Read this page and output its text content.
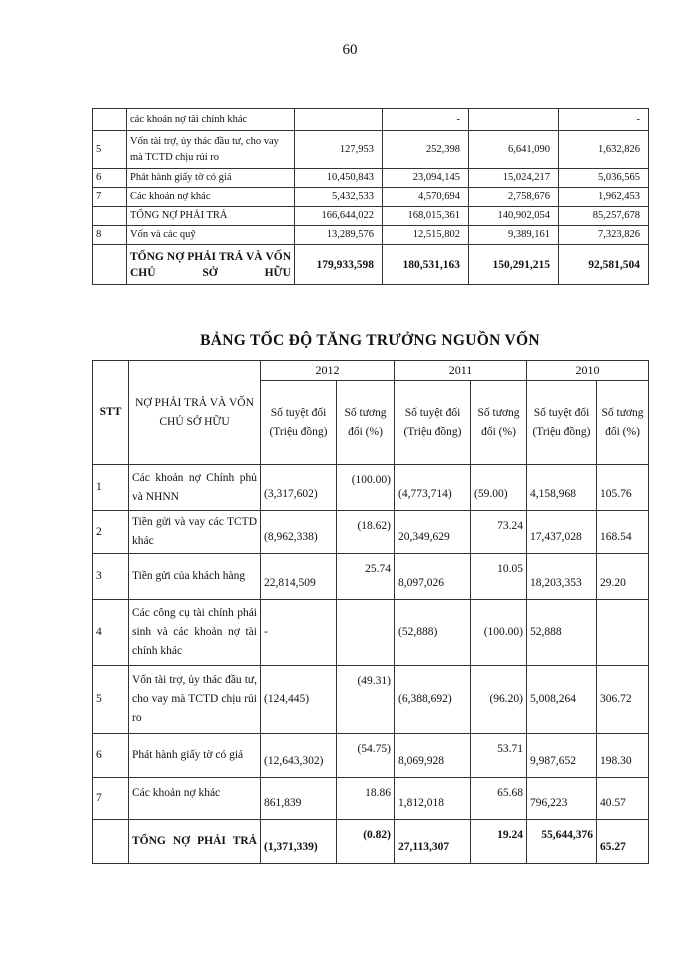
60
	các khoản nợ tài chính khác		-		-
5	Vốn tài trợ, ủy thác đầu tư, cho vay mà TCTD chịu rủi ro	127,953	252,398	6,641,090	1,632,826
6	Phát hành giấy tờ có giá	10,450,843	23,094,145	15,024,217	5,036,565
7	Các khoản nợ khác	5,432,533	4,570,694	2,758,676	1,962,453
	TỔNG NỢ PHẢI TRẢ	166,644,022	168,015,361	140,902,054	85,257,678
8	Vốn và các quỹ	13,289,576	12,515,802	9,389,161	7,323,826
	TỔNG NỢ PHẢI TRẢ VÀ VỐN CHỦ SỞ HỮU	179,933,598	180,531,163	150,291,215	92,581,504
BẢNG TỐC ĐỘ TĂNG TRƯỞNG NGUỒN VỐN
STT	NỢ PHẢI TRẢ VÀ VỐN CHỦ SỞ HỮU	2012		2011		2010	
		Số tuyệt đối (Triệu đồng)	Số tương đối (%)	Số tuyệt đối (Triệu đồng)	Số tương đối (%)	Số tuyệt đối (Triệu đồng)	Số tương đối (%)
1	Các khoản nợ Chính phủ và NHNN	(3,317,602)	(100.00)	(4,773,714)	(59.00)	4,158,968	105.76
2	Tiền gửi và vay các TCTD khác	(8,962,338)	(18.62)	20,349,629	73.24	17,437,028	168.54
3	Tiền gửi của khách hàng	22,814,509	25.74	8,097,026	10.05	18,203,353	29.20
4	Các công cụ tài chính phái sinh và các khoản nợ tài chính khác	-		(52,888)	(100.00)	52,888	
5	Vốn tài trợ, ủy thác đầu tư, cho vay mà TCTD chịu rủi ro	(124,445)	(49.31)	(6,388,692)	(96.20)	5,008,264	306.72
6	Phát hành giấy tờ có giá	(12,643,302)	(54.75)	8,069,928	53.71	9,987,652	198.30
7	Các khoản nợ khác	861,839	18.86	1,812,018	65.68	796,223	40.57
	TỔNG NỢ PHẢI TRẢ	(1,371,339)	(0.82)	27,113,307	19.24	55,644,376	65.27
